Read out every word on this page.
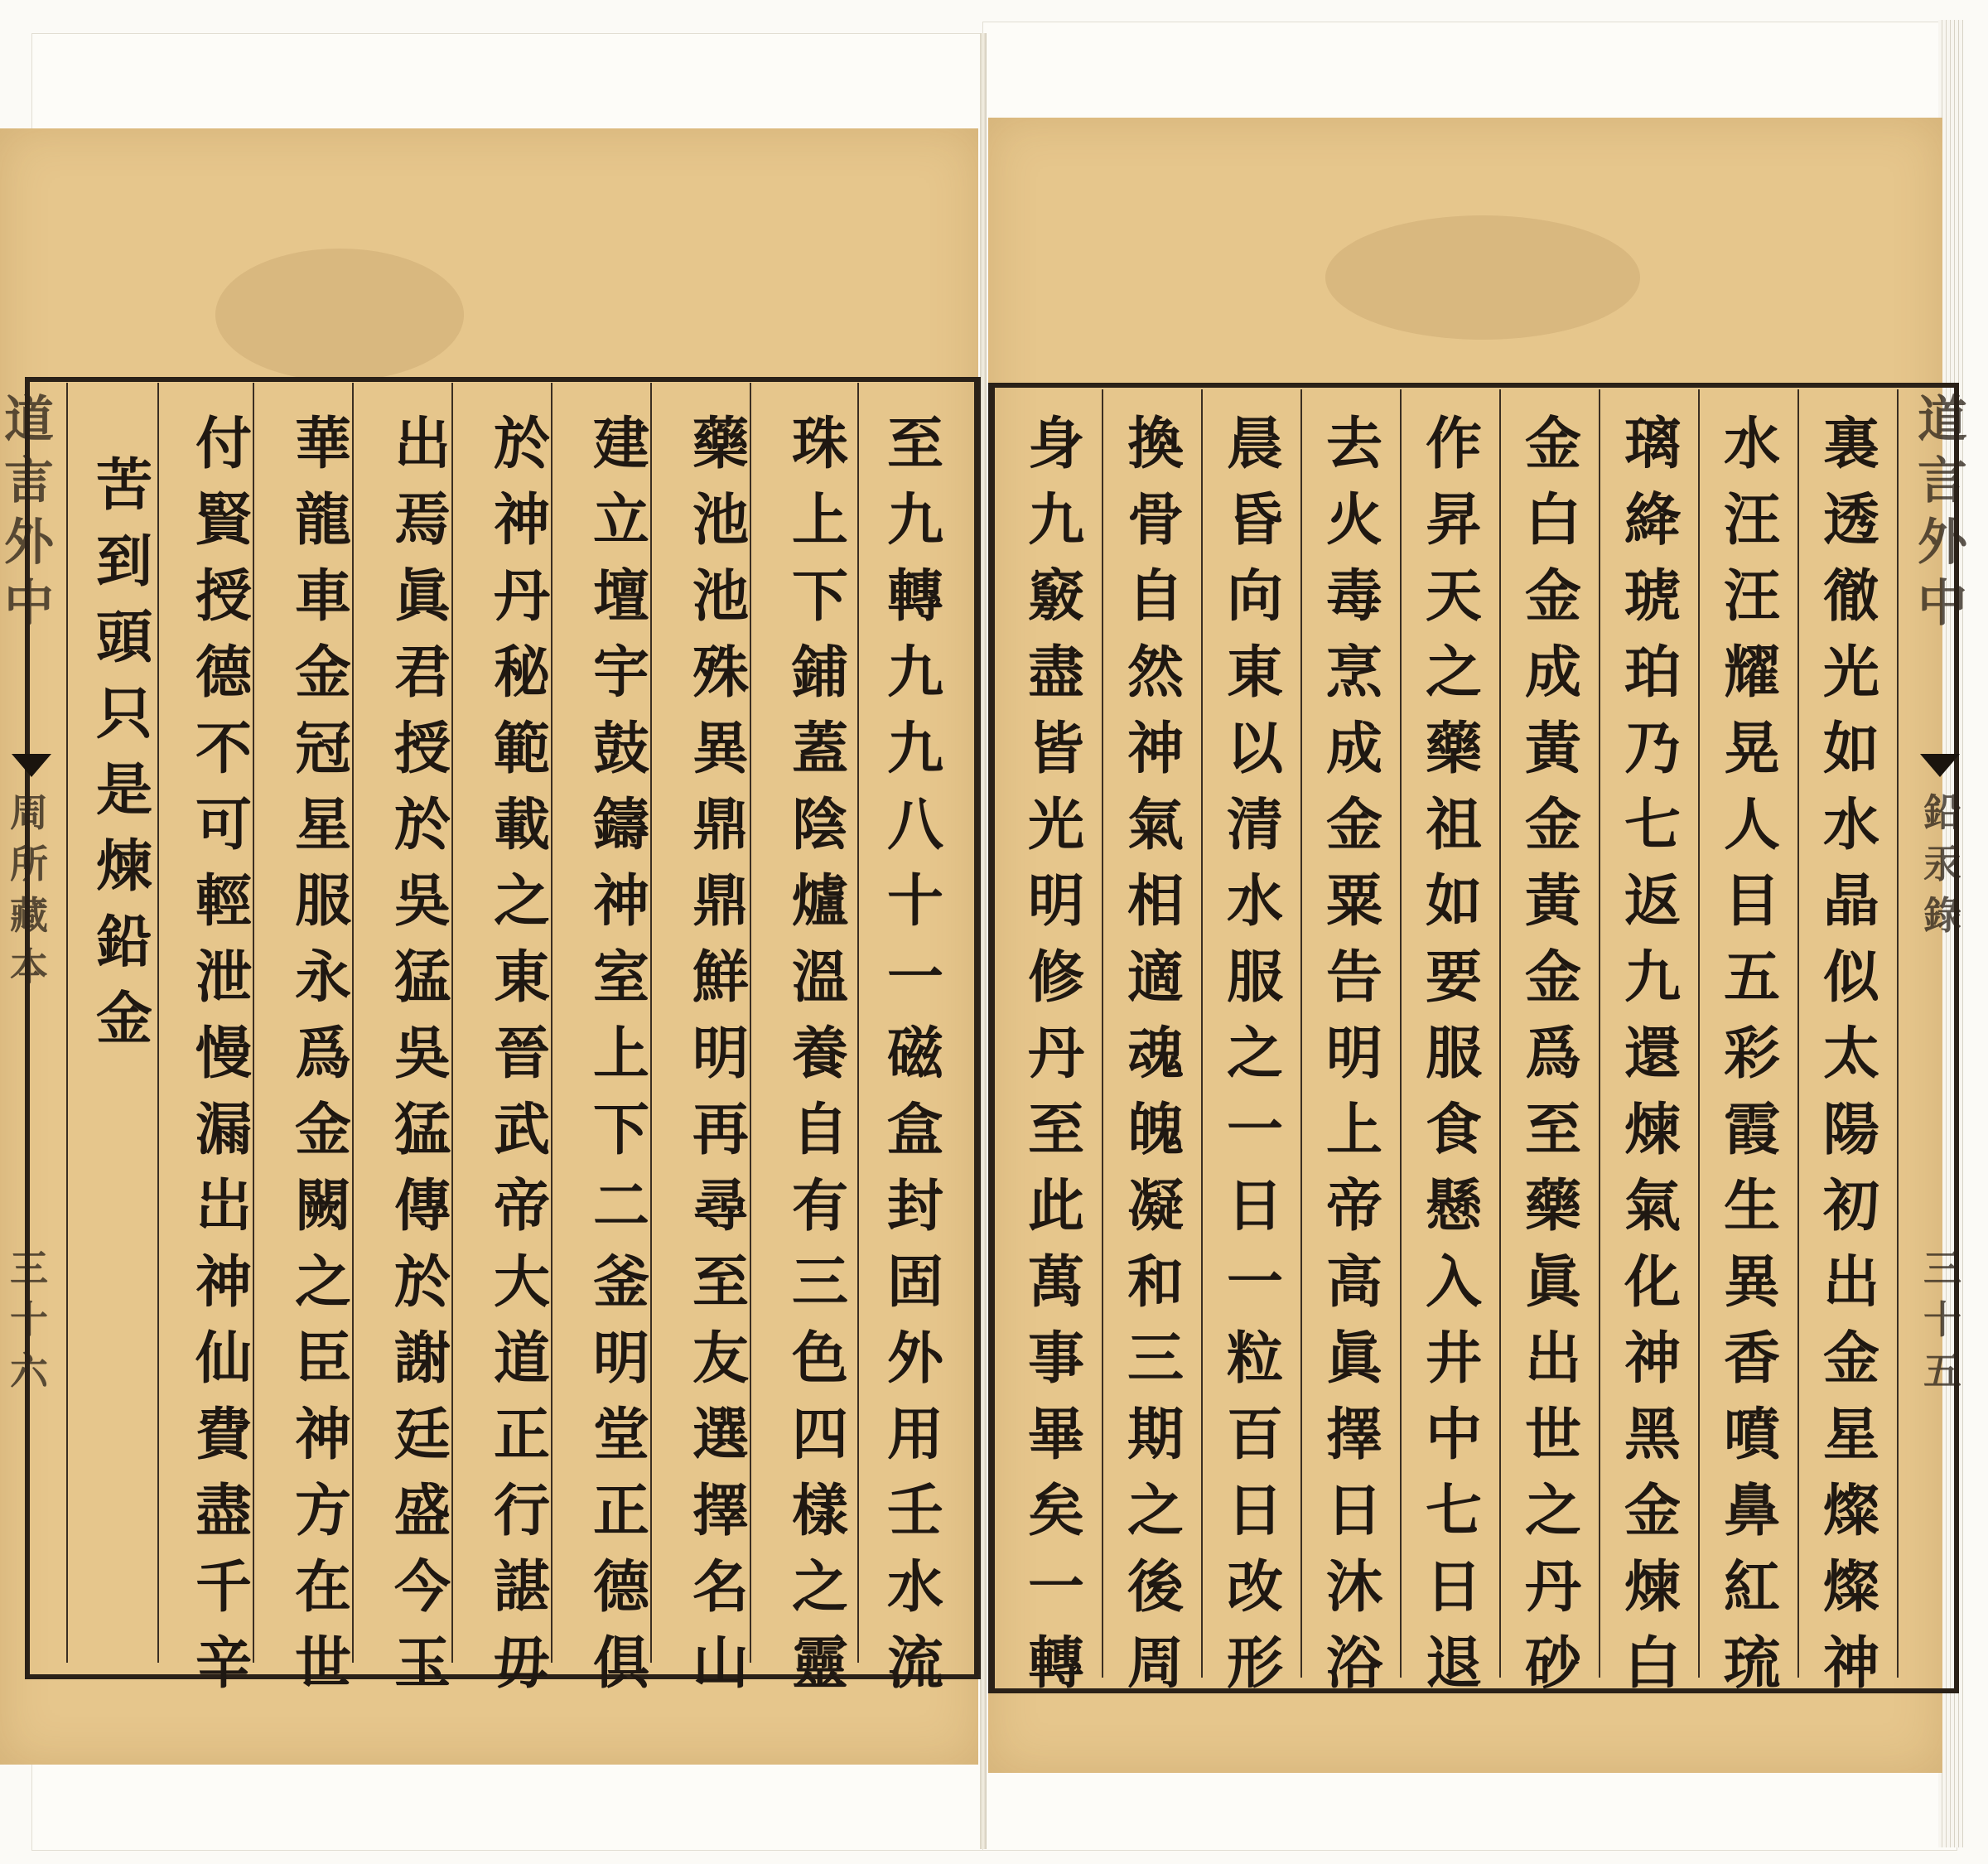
至
九
轉
九
九
八
十
一
磁
盒
封
固
外
用
壬
水
流
珠
上
下
鋪
蓋
陰
爐
溫
養
自
有
三
色
四
樣
之
靈
藥
池
池
殊
異
鼎
鼎
鮮
明
再
尋
至
友
選
擇
名
山
建
立
壇
宇
鼓
鑄
神
室
上
下
二
釜
明
堂
正
德
俱
於
神
丹
秘
範
載
之
東
晉
武
帝
大
道
正
行
諶
毋
出
焉
眞
君
授
於
吳
猛
吳
猛
傳
於
謝
廷
盛
今
玉
華
龍
車
金
冠
星
服
永
爲
金
闕
之
臣
神
方
在
世
付
賢
授
德
不
可
輕
泄
慢
漏
岀
神
仙
費
盡
千
辛
苦
到
頭
只
是
煉
鉛
金
道
言
外
中
周
所
藏
本
三
十
六
裏
透
徹
光
如
水
晶
似
太
陽
初
出
金
星
燦
燦
神
水
汪
汪
耀
晃
人
目
五
彩
霞
生
異
香
噴
鼻
紅
琉
璃
絳
琥
珀
乃
七
返
九
還
煉
氣
化
神
黑
金
煉
白
金
白
金
成
黃
金
黃
金
爲
至
藥
眞
出
世
之
丹
砂
作
昇
天
之
藥
祖
如
要
服
食
懸
入
井
中
七
日
退
去
火
毒
烹
成
金
粟
告
明
上
帝
高
眞
擇
日
沐
浴
晨
昏
向
東
以
清
水
服
之
一
日
一
粒
百
日
改
形
換
骨
自
然
神
氣
相
適
魂
魄
凝
和
三
期
之
後
周
身
九
竅
盡
皆
光
明
修
丹
至
此
萬
事
畢
矣
一
轉
道
言
外
中
鉛
汞
錄
三
十
五
